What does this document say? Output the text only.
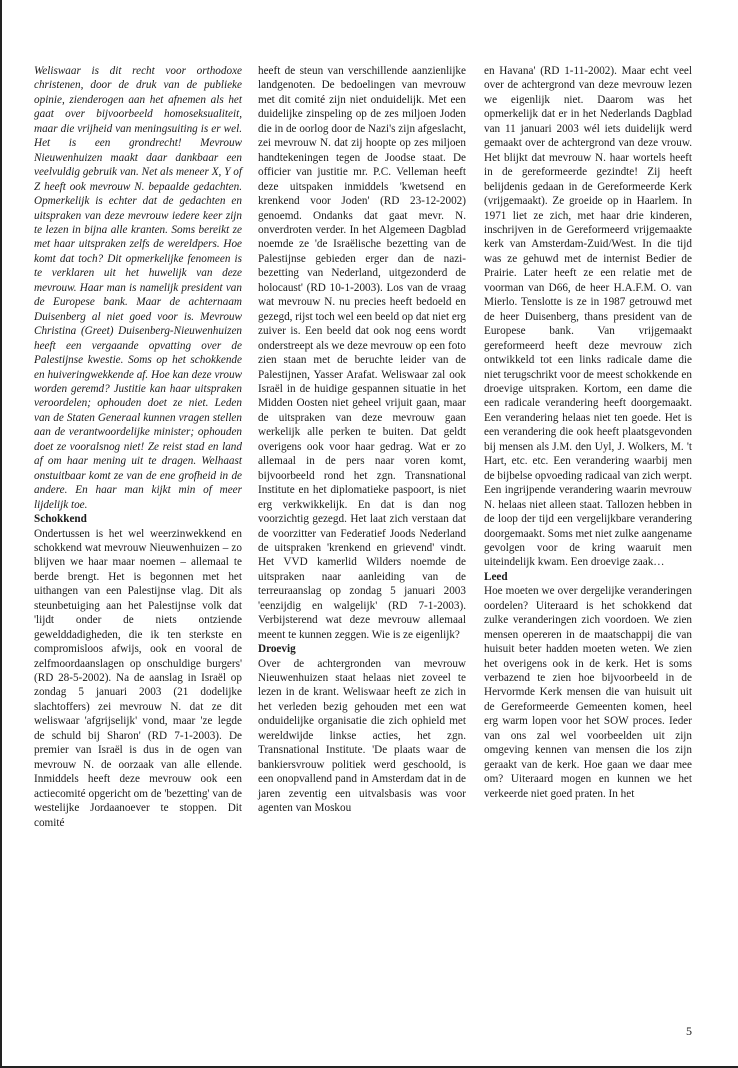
Weliswaar is dit recht voor orthodoxe christenen, door de druk van de publieke opinie, zienderogen aan het afnemen als het gaat over bijvoorbeeld homoseksualiteit, maar die vrijheid van meningsuiting is er wel. Het is een grondrecht! Mevrouw Nieuwenhuizen maakt daar dankbaar een veelvuldig gebruik van. Net als meneer X, Y of Z heeft ook mevrouw N. bepaalde gedachten. Opmerkelijk is echter dat de gedachten en uitspraken van deze mevrouw iedere keer zijn te lezen in bijna alle kranten. Soms bereikt ze met haar uitspraken zelfs de wereldpers. Hoe komt dat toch? Dit opmerkelijke fenomeen is te verklaren uit het huwelijk van deze mevrouw. Haar man is namelijk president van de Europese bank. Maar de achternaam Duisenberg al niet goed voor is. Mevrouw Christina (Greet) Duisenberg-Nieuwenhuizen heeft een vergaande opvatting over de Palestijnse kwestie. Soms op het schokkende en huiveringwekkende af. Hoe kan deze vrouw worden geremd? Justitie kan haar uitspraken veroordelen; ophouden doet ze niet. Leden van de Staten Generaal kunnen vragen stellen aan de verantwoordelijke minister; ophouden doet ze vooralsnog niet! Ze reist stad en land af om haar mening uit te dragen. Welhaast onstuitbaar komt ze van de ene grofheid in de andere. En haar man kijkt min of meer lijdelijk toe.

Schokkend

Ondertussen is het wel weerzinwekkend en schokkend wat mevrouw Nieuwenhuizen – zo blijven we haar maar noemen – allemaal te berde brengt. Het is begonnen met het uithangen van een Palestijnse vlag. Dit als steunbetuiging aan het Palestijnse volk dat 'lijdt onder de niets ontziende gewelddadigheden, die ik ten sterkste en compromisloos afwijs, ook en vooral de zelfmoordaanslagen op onschuldige burgers' (RD 28-5-2002). Na de aanslag in Israël op zondag 5 januari 2003 (21 dodelijke slachtoffers) zei mevrouw N. dat ze dit weliswaar 'afgrijselijk' vond, maar 'ze legde de schuld bij Sharon' (RD 7-1-2003). De premier van Israël is dus in de ogen van mevrouw N. de oorzaak van alle ellende. Inmiddels heeft deze mevrouw ook een actiecomité opgericht om de 'bezetting' van de westelijke Jordaanoever te stoppen. Dit comité

heeft de steun van verschillende aanzienlijke landgenoten. De bedoelingen van mevrouw met dit comité zijn niet onduidelijk. Met een duidelijke zinspeling op de zes miljoen Joden die in de oorlog door de Nazi's zijn afgeslacht, zei mevrouw N. dat zij hoopte op zes miljoen handtekeningen tegen de Joodse staat. De officier van justitie mr. P.C. Velleman heeft deze uitspaken inmiddels 'kwetsend en krenkend voor Joden' (RD 23-12-2002) genoemd. Ondanks dat gaat mevr. N. onverdroten verder. In het Algemeen Dagblad noemde ze 'de Israëlische bezetting van de Palestijnse gebieden erger dan de nazi-bezetting van Nederland, uitgezonderd de holocaust' (RD 10-1-2003). Los van de vraag wat mevrouw N. nu precies heeft bedoeld en gezegd, rijst toch wel een beeld op dat niet erg zuiver is. Een beeld dat ook nog eens wordt onderstreept als we deze mevrouw op een foto zien staan met de beruchte leider van de Palestijnen, Yasser Arafat. Weliswaar zal ook Israël in de huidige gespannen situatie in het Midden Oosten niet geheel vrijuit gaan, maar de uitspraken van deze mevrouw gaan werkelijk alle perken te buiten. Dat geldt overigens ook voor haar gedrag. Wat er zo allemaal in de pers naar voren komt, bijvoorbeeld rond het zgn. Transnational Institute en het diplomatieke paspoort, is niet erg verkwikkelijk. En dat is dan nog voorzichtig gezegd. Het laat zich verstaan dat de voorzitter van Federatief Joods Nederland de uitspraken 'krenkend en grievend' vindt. Het VVD kamerlid Wilders noemde de uitspraken naar aanleiding van de terreuraanslag op zondag 5 januari 2003 'eenzijdig en walgelijk' (RD 7-1-2003). Verbijsterend wat deze mevrouw allemaal meent te kunnen zeggen. Wie is ze eigenlijk?

Droevig

Over de achtergronden van mevrouw Nieuwenhuizen staat helaas niet zoveel te lezen in de krant. Weliswaar heeft ze zich in het verleden bezig gehouden met een wat onduidelijke organisatie die zich ophield met wereldwijde linkse acties, het zgn. Transnational Institute. 'De plaats waar de bankiersvrouw politiek werd geschoold, is een onopvallend pand in Amsterdam dat in de jaren zeventig een uitvalsbasis was voor agenten van Moskou

en Havana' (RD 1-11-2002). Maar echt veel over de achtergrond van deze mevrouw lezen we eigenlijk niet. Daarom was het opmerkelijk dat er in het Nederlands Dagblad van 11 januari 2003 wél iets duidelijk werd gemaakt over de achtergrond van deze vrouw. Het blijkt dat mevrouw N. haar wortels heeft in de gereformeerde gezindte! Zij heeft belijdenis gedaan in de Gereformeerde Kerk (vrijgemaakt). Ze groeide op in Haarlem. In 1971 liet ze zich, met haar drie kinderen, inschrijven in de Gereformeerd vrijgemaakte kerk van Amsterdam-Zuid/West. In die tijd was ze gehuwd met de internist Bedier de Prairie. Later heeft ze een relatie met de voorman van D66, de heer H.A.F.M. O. van Mierlo. Tenslotte is ze in 1987 getrouwd met de heer Duisenberg, thans president van de Europese bank. Van vrijgemaakt gereformeerd heeft deze mevrouw zich ontwikkeld tot een links radicale dame die niet terugschrikt voor de meest schokkende en droevige uitspraken. Kortom, een dame die een radicale verandering heeft doorgemaakt. Een verandering helaas niet ten goede. Het is een verandering die ook heeft plaatsgevonden bij mensen als J.M. den Uyl, J. Wolkers, M. 't Hart, etc. etc. Een verandering waarbij men de bijbelse opvoeding radicaal van zich werpt. Een ingrijpende verandering waarin mevrouw N. helaas niet alleen staat. Tallozen hebben in de loop der tijd een vergelijkbare verandering doorgemaakt. Soms met niet zulke aangename gevolgen voor de kring waaruit men uiteindelijk kwam. Een droevige zaak…

Leed

Hoe moeten we over dergelijke veranderingen oordelen? Uiteraard is het schokkend dat zulke veranderingen zich voordoen. We zien mensen opereren in de maatschappij die van huisuit beter hadden moeten weten. We zien het overigens ook in de kerk. Het is soms verbazend te zien hoe bijvoorbeeld in de Hervormde Kerk mensen die van huisuit uit de Gereformeerde Gemeenten komen, heel erg warm lopen voor het SOW proces. Ieder van ons zal wel voorbeelden uit zijn omgeving kennen van mensen die los zijn geraakt van de kerk. Hoe gaan we daar mee om? Uiteraard mogen en kunnen we het verkeerde niet goed praten. In het

5
